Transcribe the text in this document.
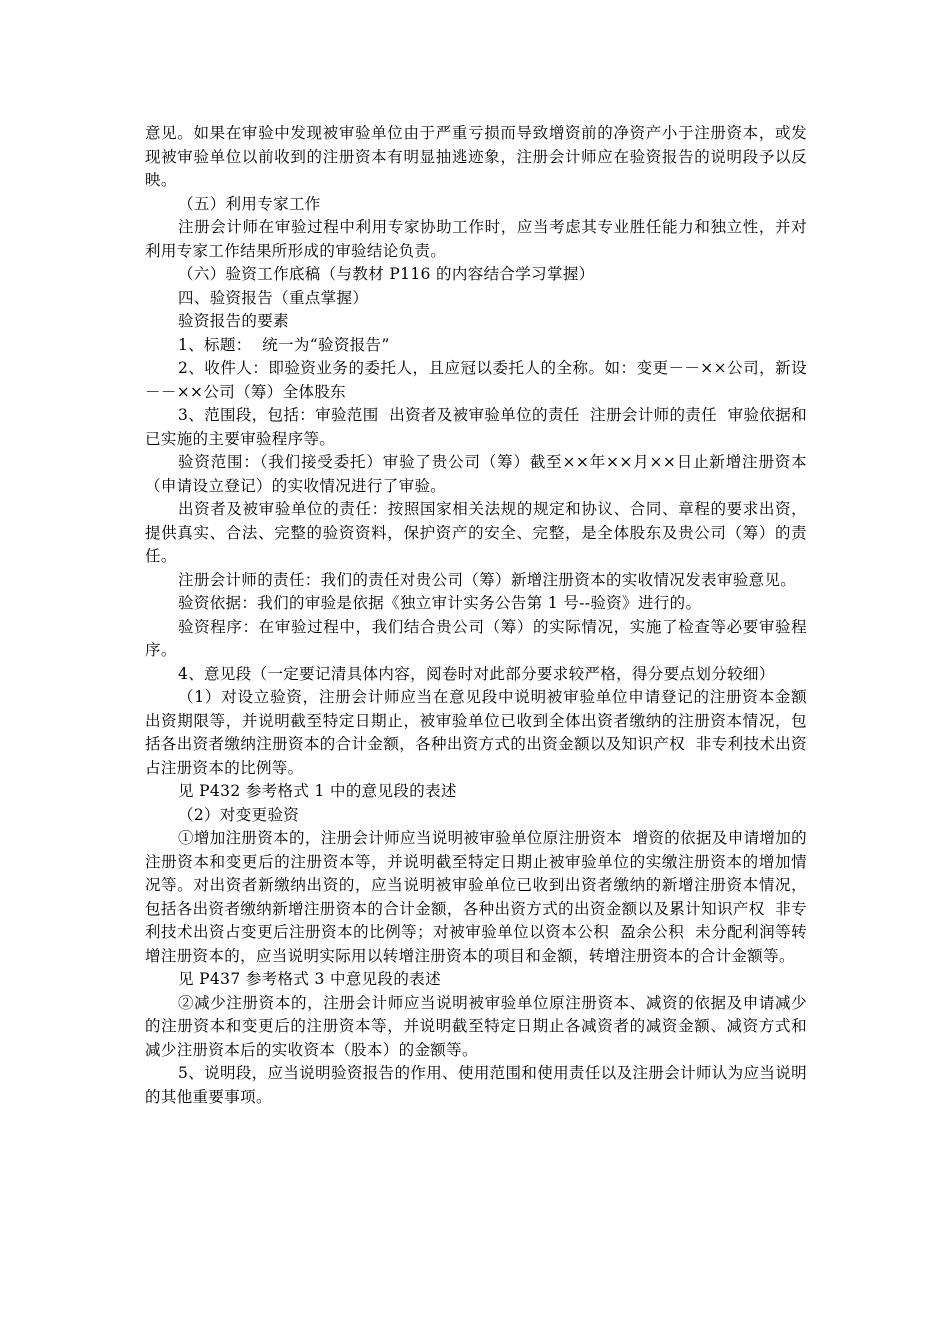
意见。如果在审验中发现被审验单位由于严重亏损而导致增资前的净资产小于注册资本，或发现被审验单位以前收到的注册资本有明显抽逃迹象，注册会计师应在验资报告的说明段予以反映。

（五）利用专家工作

注册会计师在审验过程中利用专家协助工作时，应当考虑其专业胜任能力和独立性，并对利用专家工作结果所形成的审验结论负责。

（六）验资工作底稿（与教材 P116 的内容结合学习掌握）

四、验资报告（重点掌握）

验资报告的要素

1、标题：  统一为“验资报告”

2、收件人：即验资业务的委托人，且应冠以委托人的全称。如：变更－－××公司，新设－－××公司（筹）全体股东

3、范围段，包括：审验范围  出资者及被审验单位的责任  注册会计师的责任  审验依据和已实施的主要审验程序等。

验资范围：（我们接受委托）审验了贵公司（筹）截至××年××月××日止新增注册资本（申请设立登记）的实收情况进行了审验。

出资者及被审验单位的责任：按照国家相关法规的规定和协议、合同、章程的要求出资，提供真实、合法、完整的验资资料，保护资产的安全、完整，是全体股东及贵公司（筹）的责任。

注册会计师的责任：我们的责任对贵公司（筹）新增注册资本的实收情况发表审验意见。

验资依据：我们的审验是依据《独立审计实务公告第 1 号--验资》进行的。

验资程序：在审验过程中，我们结合贵公司（筹）的实际情况，实施了检查等必要审验程序。

4、意见段（一定要记清具体内容，阅卷时对此部分要求较严格，得分要点划分较细）

（1）对设立验资，注册会计师应当在意见段中说明被审验单位申请登记的注册资本金额  出资期限等，并说明截至特定日期止，被审验单位已收到全体出资者缴纳的注册资本情况，包括各出资者缴纳注册资本的合计金额，各种出资方式的出资金额以及知识产权  非专利技术出资占注册资本的比例等。

见 P432 参考格式 1 中的意见段的表述

（2）对变更验资

①增加注册资本的，注册会计师应当说明被审验单位原注册资本  增资的依据及申请增加的注册资本和变更后的注册资本等，并说明截至特定日期止被审验单位的实缴注册资本的增加情况等。对出资者新缴纳出资的，应当说明被审验单位已收到出资者缴纳的新增注册资本情况，包括各出资者缴纳新增注册资本的合计金额，各种出资方式的出资金额以及累计知识产权  非专利技术出资占变更后注册资本的比例等；对被审验单位以资本公积  盈余公积  未分配利润等转增注册资本的，应当说明实际用以转增注册资本的项目和金额，转增注册资本的合计金额等。

见 P437 参考格式 3 中意见段的表述

②减少注册资本的，注册会计师应当说明被审验单位原注册资本、减资的依据及申请减少的注册资本和变更后的注册资本等，并说明截至特定日期止各减资者的减资金额、减资方式和减少注册资本后的实收资本（股本）的金额等。

5、说明段，应当说明验资报告的作用、使用范围和使用责任以及注册会计师认为应当说明的其他重要事项。
